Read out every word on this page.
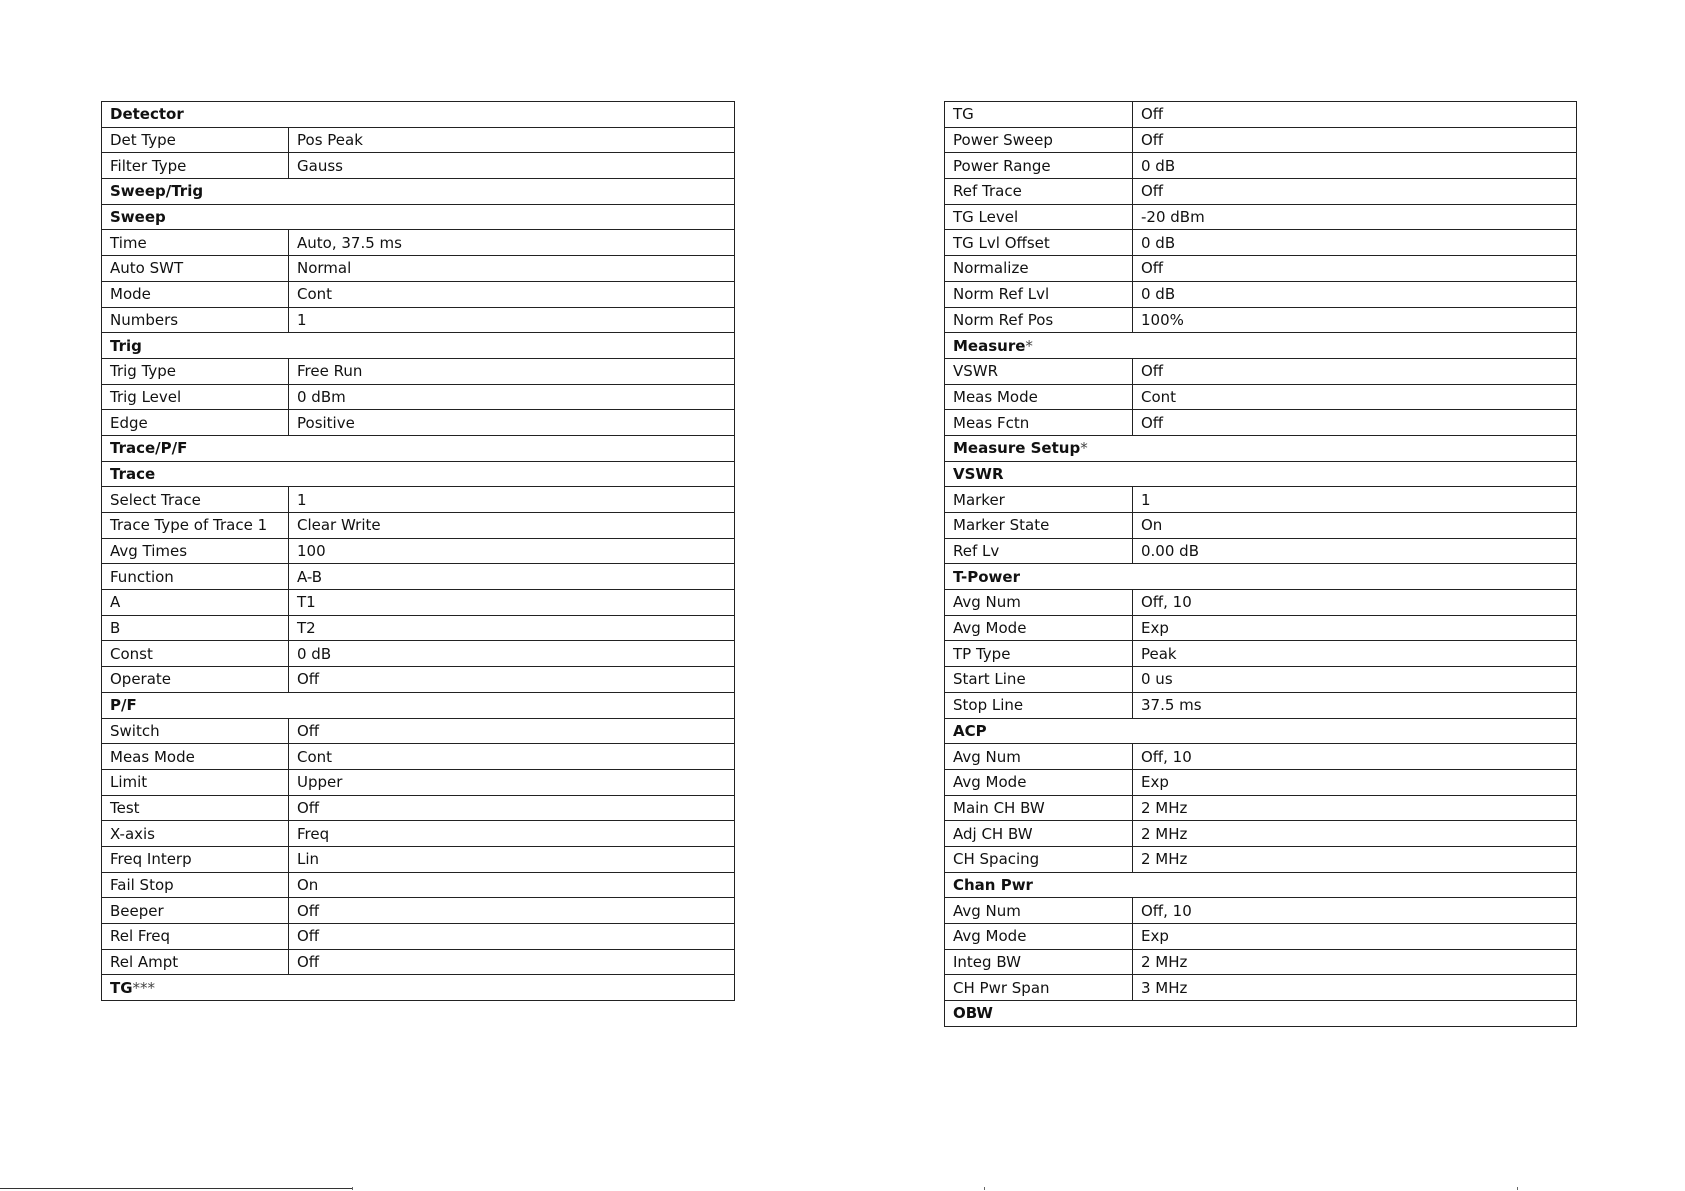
Detector	
Det Type	Pos Peak
Filter Type	Gauss
Sweep/Trig	
Sweep	
Time	Auto, 37.5 ms
Auto SWT	Normal
Mode	Cont
Numbers	1
Trig	
Trig Type	Free Run
Trig Level	0 dBm
Edge	Positive
Trace/P/F	
Trace	
Select Trace	1
Trace Type of Trace 1	Clear Write
Avg Times	100
Function	A-B
A	T1
B	T2
Const	0 dB
Operate	Off
P/F	
Switch	Off
Meas Mode	Cont
Limit	Upper
Test	Off
X-axis	Freq
Freq Interp	Lin
Fail Stop	On
Beeper	Off
Rel Freq	Off
Rel Ampt	Off
TG***	
TG	Off
Power Sweep	Off
Power Range	0 dB
Ref Trace	Off
TG Level	-20 dBm
TG Lvl Offset	0 dB
Normalize	Off
Norm Ref Lvl	0 dB
Norm Ref Pos	100%
Measure*	
VSWR	Off
Meas Mode	Cont
Meas Fctn	Off
Measure Setup*	
VSWR	
Marker	1
Marker State	On
Ref Lv	0.00 dB
T-Power	
Avg Num	Off, 10
Avg Mode	Exp
TP Type	Peak
Start Line	0 us
Stop Line	37.5 ms
ACP	
Avg Num	Off, 10
Avg Mode	Exp
Main CH BW	2 MHz
Adj CH BW	2 MHz
CH Spacing	2 MHz
Chan Pwr	
Avg Num	Off, 10
Avg Mode	Exp
Integ BW	2 MHz
CH Pwr Span	3 MHz
OBW	
